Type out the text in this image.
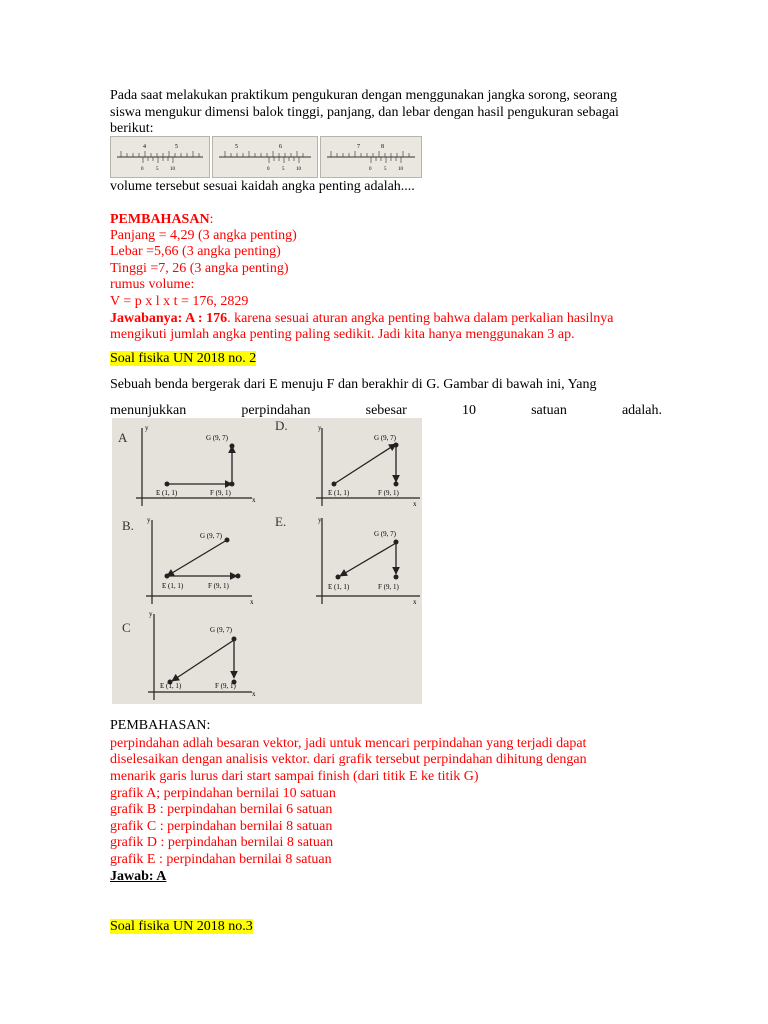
Pada saat melakukan praktikum pengukuran dengan menggunakan jangka sorong, seorang
siswa mengukur dimensi balok tinggi, panjang, dan lebar dengan hasil pengukuran sebagai
berikut:
4	5
0	5 10
5	6
0	5 10
7	8
0	5 10
volume tersebut sesuai kaidah angka penting adalah....
PEMBAHASAN:
Panjang = 4,29 (3 angka penting)
Lebar =5,66 (3 angka penting)
Tinggi =7, 26 (3 angka penting)
rumus volume:
V = p x l x t = 176, 2829
Jawabanya: A : 176. karena sesuai aturan angka penting bahwa dalam perkalian hasilnya
mengikuti jumlah angka penting paling sedikit. Jadi kita hanya menggunakan 3 ap.
Soal fisika UN 2018 no. 2
Sebuah benda bergerak dari E menuju F dan berakhir di G. Gambar di bawah ini, Yang
menunjukkan	perpindahan	sebesar	10	satuan	adalah.
A
y
x
E (1, 1)	F (9, 1)
G (9, 7)
D.	y
x
E (1, 1)	F (9, 1)
G (9, 7)
B. y
x
E (1, 1)	F (9, 1)
G (9, 7)
E.	y
x
E (1, 1)	F (9, 1)
G (9, 7)
C
y
x
E (1, 1)	F (9, 1)
G (9, 7)
PEMBAHASAN:
perpindahan adlah besaran vektor, jadi untuk mencari perpindahan yang terjadi dapat
diselesaikan dengan analisis vektor. dari grafik tersebut perpindahan dihitung dengan
menarik garis lurus dari start sampai finish (dari titik E ke titik G)
grafik A; perpindahan bernilai 10 satuan
grafik B : perpindahan bernilai 6 satuan
grafik C : perpindahan bernilai 8 satuan
grafik D : perpindahan bernilai 8 satuan
grafik E : perpindahan bernilai 8 satuan
Jawab: A
Soal fisika UN 2018 no.3
